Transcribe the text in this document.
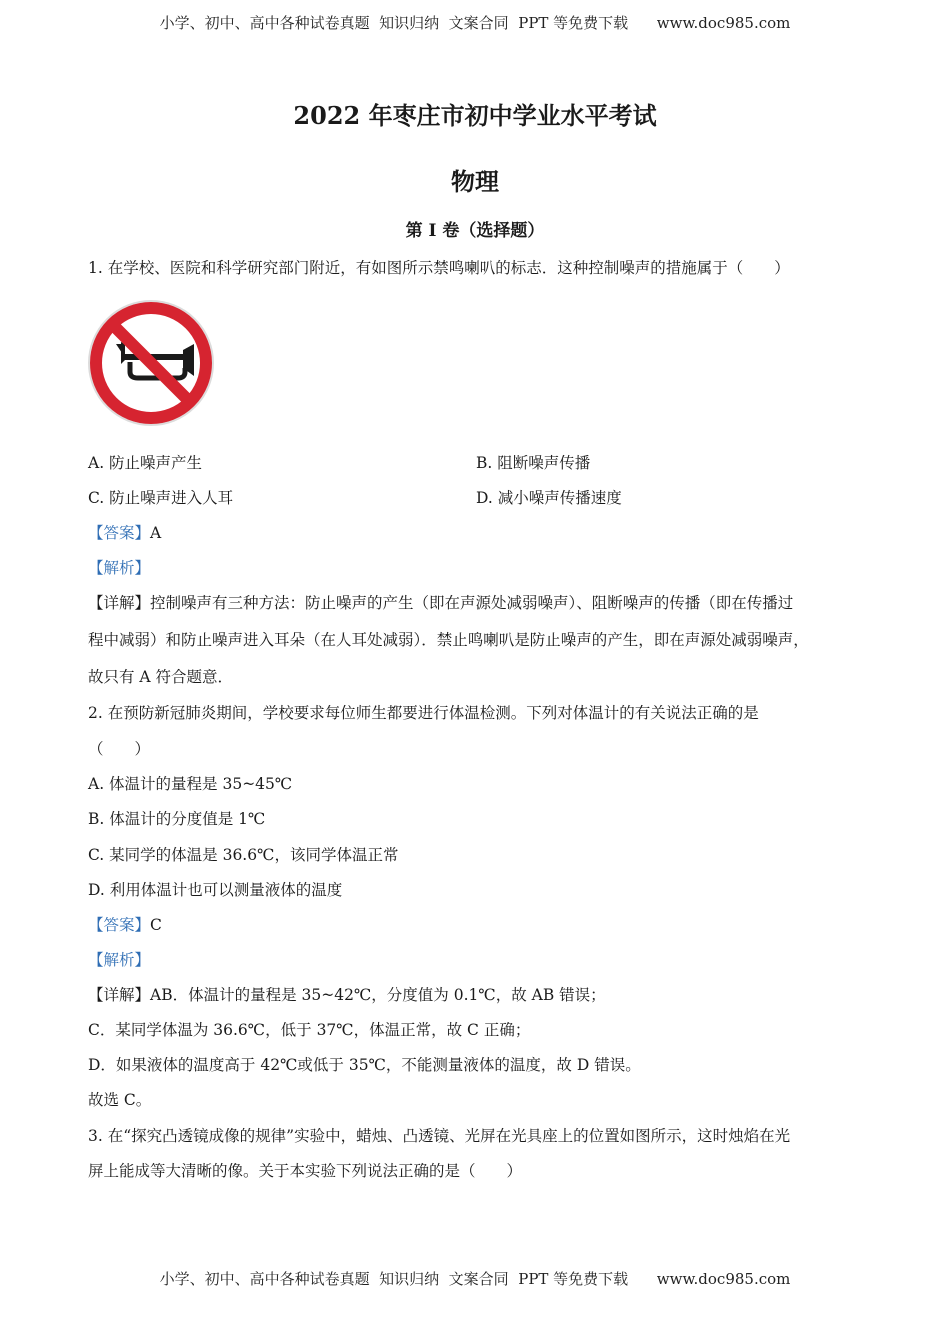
小学、初中、高中各种试卷真题  知识归纳  文案合同  PPT 等免费下载      www.doc985.com
2022 年枣庄市初中学业水平考试
物理
第 I 卷（选择题）
1. 在学校、医院和科学研究部门附近，有如图所示禁鸣喇叭的标志．这种控制噪声的措施属于（　　）
A. 防止噪声产生	B. 阻断噪声传播
C. 防止噪声进入人耳	D. 减小噪声传播速度
【答案】A
【解析】
【详解】控制噪声有三种方法：防止噪声的产生（即在声源处减弱噪声）、阻断噪声的传播（即在传播过
程中减弱）和防止噪声进入耳朵（在人耳处减弱）．禁止鸣喇叭是防止噪声的产生，即在声源处减弱噪声，
故只有 A 符合题意．
2. 在预防新冠肺炎期间，学校要求每位师生都要进行体温检测。下列对体温计的有关说法正确的是
（　　）
A. 体温计的量程是 35~45℃
B. 体温计的分度值是 1℃
C. 某同学的体温是 36.6℃，该同学体温正常
D. 利用体温计也可以测量液体的温度
【答案】C
【解析】
【详解】AB．体温计的量程是 35~42℃，分度值为 0.1℃，故 AB 错误；
C．某同学体温为 36.6℃，低于 37℃，体温正常，故 C 正确；
D．如果液体的温度高于 42℃或低于 35℃，不能测量液体的温度，故 D 错误。
故选 C。
3. 在“探究凸透镜成像的规律”实验中，蜡烛、凸透镜、光屏在光具座上的位置如图所示，这时烛焰在光
屏上能成等大清晰的像。关于本实验下列说法正确的是（　　）
小学、初中、高中各种试卷真题  知识归纳  文案合同  PPT 等免费下载      www.doc985.com
